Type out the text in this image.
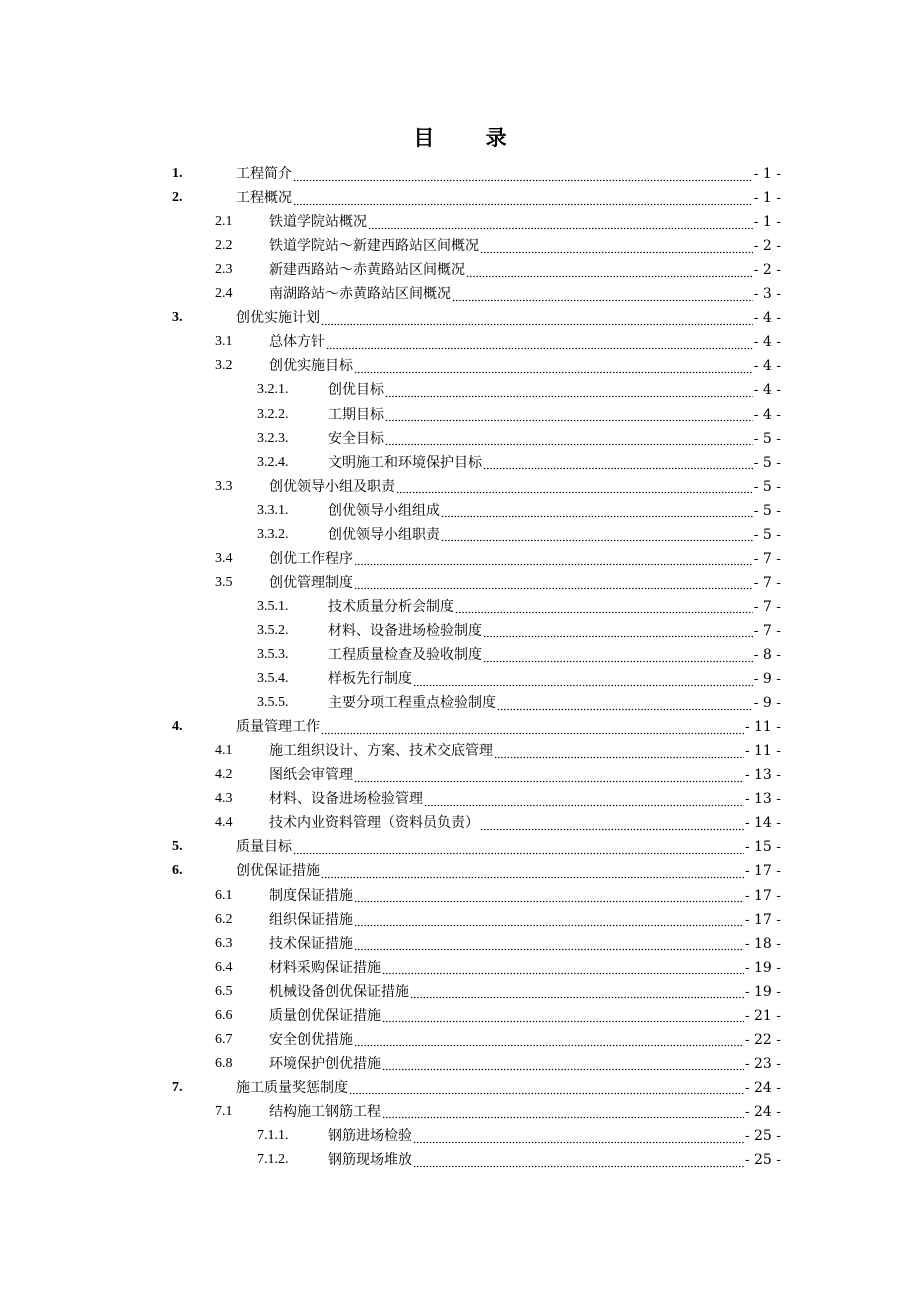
目 录
1.	工程简介	- 1 -
2.	工程概况	- 1 -
2.1	铁道学院站概况	- 1 -
2.2	铁道学院站～新建西路站区间概况	- 2 -
2.3	新建西路站～赤黄路站区间概况	- 2 -
2.4	南湖路站～赤黄路站区间概况	- 3 -
3.	创优实施计划	- 4 -
3.1	总体方针	- 4 -
3.2	创优实施目标	- 4 -
3.2.1.	创优目标	- 4 -
3.2.2.	工期目标	- 4 -
3.2.3.	安全目标	- 5 -
3.2.4.	文明施工和环境保护目标	- 5 -
3.3	创优领导小组及职责	- 5 -
3.3.1.	创优领导小组组成	- 5 -
3.3.2.	创优领导小组职责	- 5 -
3.4	创优工作程序	- 7 -
3.5	创优管理制度	- 7 -
3.5.1.	技术质量分析会制度	- 7 -
3.5.2.	材料、设备进场检验制度	- 7 -
3.5.3.	工程质量检查及验收制度	- 8 -
3.5.4.	样板先行制度	- 9 -
3.5.5.	主要分项工程重点检验制度	- 9 -
4.	质量管理工作	- 11 -
4.1	施工组织设计、方案、技术交底管理	- 11 -
4.2	图纸会审管理	- 13 -
4.3	材料、设备进场检验管理	- 13 -
4.4	技术内业资料管理（资料员负责）	- 14 -
5.	质量目标	- 15 -
6.	创优保证措施	- 17 -
6.1	制度保证措施	- 17 -
6.2	组织保证措施	- 17 -
6.3	技术保证措施	- 18 -
6.4	材料采购保证措施	- 19 -
6.5	机械设备创优保证措施	- 19 -
6.6	质量创优保证措施	- 21 -
6.7	安全创优措施	- 22 -
6.8	环境保护创优措施	- 23 -
7.	施工质量奖惩制度	- 24 -
7.1	结构施工钢筋工程	- 24 -
7.1.1.	钢筋进场检验	- 25 -
7.1.2.	钢筋现场堆放	- 25 -
